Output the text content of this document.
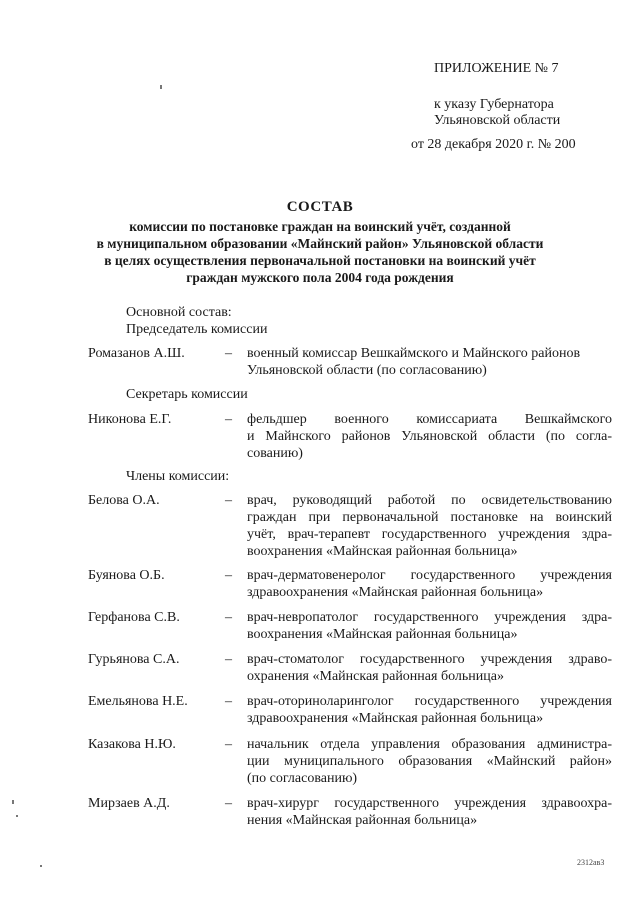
ПРИЛОЖЕНИЕ № 7
к указу Губернатора
Ульяновской области
от 28 декабря 2020 г. № 200
СОСТАВ
комиссии по постановке граждан на воинский учёт, созданной
в муниципальном образовании «Майнский район» Ульяновской области
в целях осуществления первоначальной постановки на воинский учёт
граждан мужского пола 2004 года рождения
Основной состав:
Председатель комиссии
Ромазанов А.Ш.	– военный комиссар Вешкаймского и Майнского районов
Ульяновской области (по согласованию)
Секретарь комиссии
Никонова Е.Г.	– фельдшер военного комиссариата Вешкаймского
и Майнского районов Ульяновской области (по согла-
сованию)
Члены комиссии:
Белова О.А.	– врач, руководящий работой по освидетельствованию
граждан при первоначальной постановке на воинский
учёт, врач-терапевт государственного учреждения здра-
воохранения «Майнская районная больница»
Буянова О.Б.	– врач-дерматовенеролог государственного учреждения
здравоохранения «Майнская районная больница»
Герфанова С.В.	– врач-невропатолог государственного учреждения здра-
воохранения «Майнская районная больница»
Гурьянова С.А.	– врач-стоматолог государственного учреждения здраво-
охранения «Майнская районная больница»
Емельянова Н.Е.	– врач-оториноларинголог государственного учреждения
здравоохранения «Майнская районная больница»
Казакова Н.Ю.	– начальник отдела управления образования администра-
ции муниципального образования «Майнский район»
(по согласованию)
Мирзаев А.Д.	– врач-хирург государственного учреждения здравоохра-
нения «Майнская районная больница»
2312ав3
